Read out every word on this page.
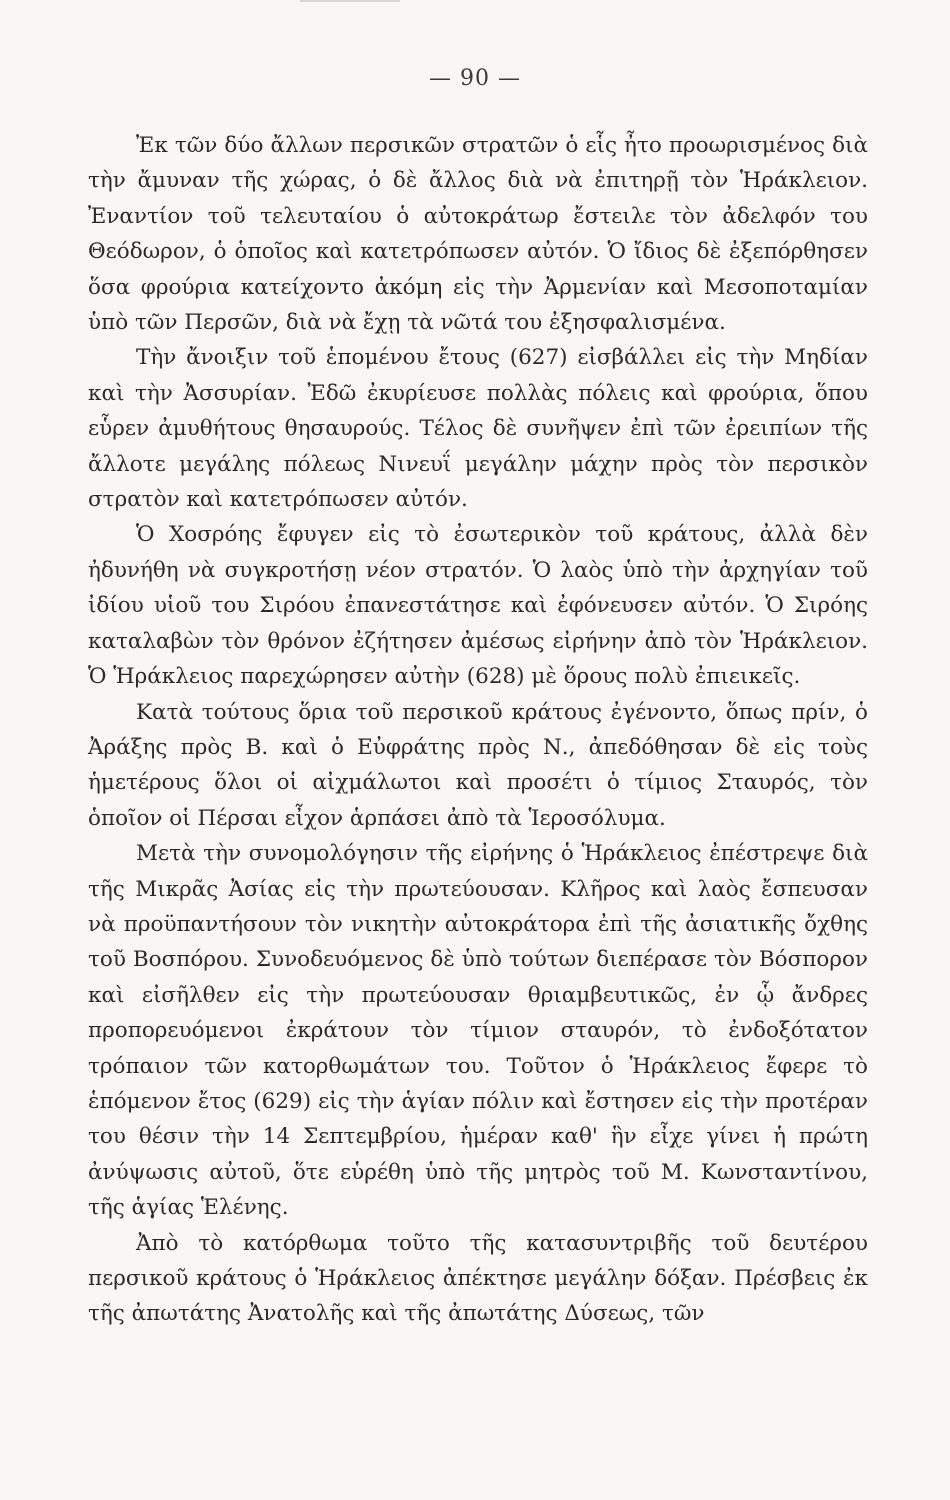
— 90 —

Ἐκ τῶν δύο ἄλλων περσικῶν στρατῶν ὁ εἷς ἦτο προωρισμένος διὰ τὴν ἄμυναν τῆς χώρας, ὁ δὲ ἄλλος διὰ νὰ ἐπιτηρῇ τὸν Ἡράκλειον. Ἐναντίον τοῦ τελευταίου ὁ αὐτοκράτωρ ἔστειλε τὸν ἀδελφόν του Θεόδωρον, ὁ ὁποῖος καὶ κατετρόπωσεν αὐτόν. Ὁ ἴδιος δὲ ἐξεπόρθησεν ὅσα φρούρια κατείχοντο ἀκόμη εἰς τὴν Ἀρμενίαν καὶ Μεσοποταμίαν ὑπὸ τῶν Περσῶν, διὰ νὰ ἔχῃ τὰ νῶτά του ἐξησφαλισμένα.

Τὴν ἄνοιξιν τοῦ ἑπομένου ἔτους (627) εἰσβάλλει εἰς τὴν Μηδίαν καὶ τὴν Ἀσσυρίαν. Ἐδῶ ἐκυρίευσε πολλὰς πόλεις καὶ φρούρια, ὅπου εὗρεν ἀμυθήτους θησαυρούς. Τέλος δὲ συνῆψεν ἐπὶ τῶν ἐρειπίων τῆς ἄλλοτε μεγάλης πόλεως Νινευΐ μεγάλην μάχην πρὸς τὸν περσικὸν στρατὸν καὶ κατετρόπωσεν αὐτόν.

Ὁ Χοσρόης ἔφυγεν εἰς τὸ ἐσωτερικὸν τοῦ κράτους, ἀλλὰ δὲν ἠδυνήθη νὰ συγκροτήσῃ νέον στρατόν. Ὁ λαὸς ὑπὸ τὴν ἀρχηγίαν τοῦ ἰδίου υἱοῦ του Σιρόου ἐπανεστάτησε καὶ ἐφόνευσεν αὐτόν. Ὁ Σιρόης καταλαβὼν τὸν θρόνον ἐζήτησεν ἀμέσως εἰρήνην ἀπὸ τὸν Ἡράκλειον. Ὁ Ἡράκλειος παρεχώρησεν αὐτὴν (628) μὲ ὅρους πολὺ ἐπιεικεῖς.

Κατὰ τούτους ὅρια τοῦ περσικοῦ κράτους ἐγένοντο, ὅπως πρίν, ὁ Ἀράξης πρὸς Β. καὶ ὁ Εὐφράτης πρὸς Ν., ἀπεδόθησαν δὲ εἰς τοὺς ἡμετέρους ὅλοι οἱ αἰχμάλωτοι καὶ προσέτι ὁ τίμιος Σταυρός, τὸν ὁποῖον οἱ Πέρσαι εἶχον ἁρπάσει ἀπὸ τὰ Ἱεροσόλυμα.

Μετὰ τὴν συνομολόγησιν τῆς εἰρήνης ὁ Ἡράκλειος ἐπέστρεψε διὰ τῆς Μικρᾶς Ἀσίας εἰς τὴν πρωτεύουσαν. Κλῆρος καὶ λαὸς ἔσπευσαν νὰ προϋπαντήσουν τὸν νικητὴν αὐτοκράτορα ἐπὶ τῆς ἀσιατικῆς ὄχθης τοῦ Βοσπόρου. Συνοδευόμενος δὲ ὑπὸ τούτων διεπέρασε τὸν Βόσπορον καὶ εἰσῆλθεν εἰς τὴν πρωτεύουσαν θριαμβευτικῶς, ἐν ᾧ ἄνδρες προπορευόμενοι ἐκράτουν τὸν τίμιον σταυρόν, τὸ ἐνδοξότατον τρόπαιον τῶν κατορθωμάτων του. Τοῦτον ὁ Ἡράκλειος ἔφερε τὸ ἑπόμενον ἔτος (629) εἰς τὴν ἁγίαν πόλιν καὶ ἔστησεν εἰς τὴν προτέραν του θέσιν τὴν 14 Σεπτεμβρίου, ἡμέραν καθ' ἣν εἶχε γίνει ἡ πρώτη ἀνύψωσις αὐτοῦ, ὅτε εὑρέθη ὑπὸ τῆς μητρὸς τοῦ Μ. Κωνσταντίνου, τῆς ἁγίας Ἑλένης.

Ἀπὸ τὸ κατόρθωμα τοῦτο τῆς κατασυντριβῆς τοῦ δευτέρου περσικοῦ κράτους ὁ Ἡράκλειος ἀπέκτησε μεγάλην δόξαν. Πρέσβεις ἐκ τῆς ἀπωτάτης Ἀνατολῆς καὶ τῆς ἀπωτάτης Δύσεως, τῶν
